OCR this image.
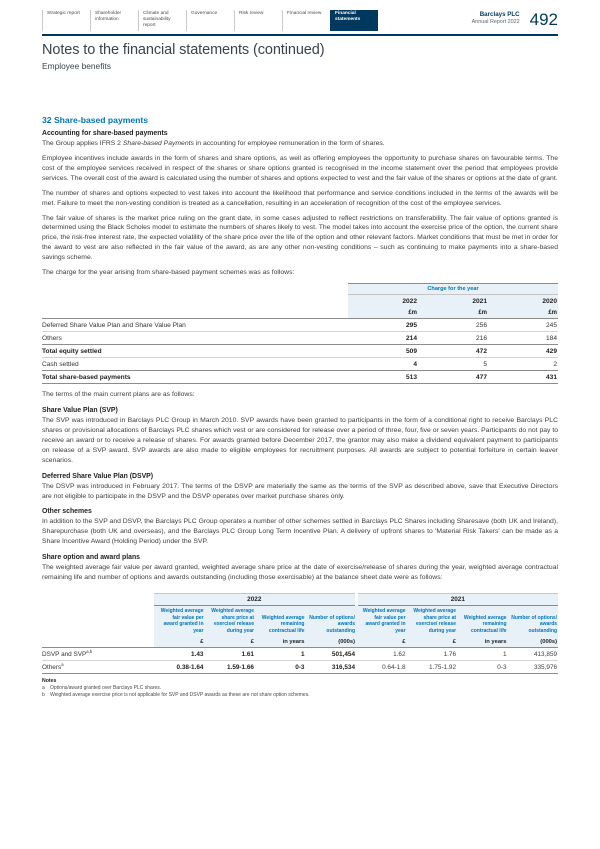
Strategic report	Shareholder information
Climate and sustainability report
Governance	Risk review	Financial review	Financial statements
Barclays PLC
Annual Report 2022 492
Notes to the financial statements (continued)
Employee benefits
32 Share-based payments
Accounting for share-based payments

The Group applies IFRS 2 Share-based Payments in accounting for employee remuneration in the form of shares.

Employee incentives include awards in the form of shares and share options, as well as offering employees the opportunity to purchase shares on favourable terms. The cost of the employee services received in respect of the shares or share options granted is recognised in the income statement over the period that employees provide services. The overall cost of the award is calculated using the number of shares and options expected to vest and the fair value of the shares or options at the date of grant.

The number of shares and options expected to vest takes into account the likelihood that performance and service conditions included in the terms of the awards will be met. Failure to meet the non-vesting condition is treated as a cancellation, resulting in an acceleration of recognition of the cost of the employee services.

The fair value of shares is the market price ruling on the grant date, in some cases adjusted to reflect restrictions on transferability. The fair value of options granted is determined using the Black Scholes model to estimate the numbers of shares likely to vest. The model takes into account the exercise price of the option, the current share price, the risk-free interest rate, the expected volatility of the share price over the life of the option and other relevant factors. Market conditions that must be met in order for the award to vest are also reflected in the fair value of the award, as are any other non-vesting conditions – such as continuing to make payments into a share-based savings scheme.

The charge for the year arising from share-based payment schemes was as follows:

	Charge for the year		
	2022	2021	2020
	£m	£m	£m
Deferred Share Value Plan and Share Value Plan	295	256	245
Others	214	216	184
Total equity settled	509	472	429
Cash settled	4	5	2
Total share-based payments	513	477	431

The terms of the main current plans are as follows:

Share Value Plan (SVP)

The SVP was introduced in Barclays PLC Group in March 2010. SVP awards have been granted to participants in the form of a conditional right to receive Barclays PLC shares or provisional allocations of Barclays PLC shares which vest or are considered for release over a period of three, four, five or seven years. Participants do not pay to receive an award or to receive a release of shares. For awards granted before December 2017, the grantor may also make a dividend equivalent payment to participants on release of a SVP award. SVP awards are also made to eligible employees for recruitment purposes. All awards are subject to potential forfeiture in certain leaver scenarios.

Deferred Share Value Plan (DSVP)

The DSVP was introduced in February 2017. The terms of the DSVP are materially the same as the terms of the SVP as described above, save that Executive Directors are not eligible to participate in the DSVP and the DSVP operates over market purchase shares only.

Other schemes

In addition to the SVP and DSVP, the Barclays PLC Group operates a number of other schemes settled in Barclays PLC Shares including Sharesave (both UK and Ireland), Sharepurchase (both UK and overseas), and the Barclays PLC Group Long Term Incentive Plan. A delivery of upfront shares to 'Material Risk Takers' can be made as a Share Incentive Award (Holding Period) under the SVP.

Share option and award plans

The weighted average fair value per award granted, weighted average share price at the date of exercise/release of shares during the year, weighted average contractual remaining life and number of options and awards outstanding (including those exercisable) at the balance sheet date were as follows:

	2022				2021			
	Weighted average fair value per award granted in year	Weighted average share price at exercise/ release during year	Weighted average remaining contractual life	Number of options/ awards outstanding	Weighted average fair value per award granted in year	Weighted average share price at exercise/ release during year	Weighted average remaining contractual life	Number of options/ awards outstanding
	£	£	in years	(000s)	£	£	in years	(000s)
DSVP and SVP$^{a,b}$	1.43	1.61	1	501,454	1.62	1.76	1	413,859
Others$^a$	0.38-1.64	1.59-1.66	0-3	316,534	0.64-1.8	1.75-1.92	0-3	335,976
Notes
a	Options/award granted over Barclays PLC shares.
b	Weighted average exercise price is not applicable for SVP and DSVP awards as these are not share option schemes.
